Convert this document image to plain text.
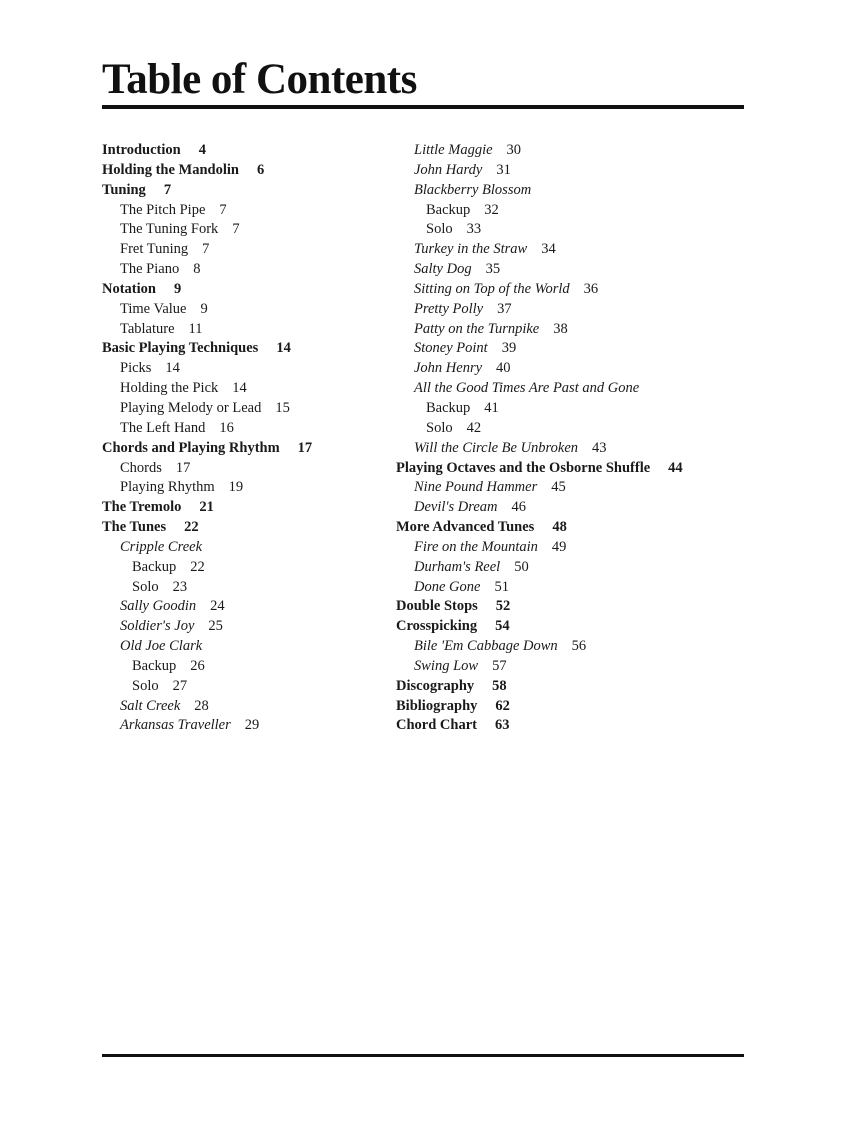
Table of Contents
Introduction 4
Holding the Mandolin 6
Tuning 7
The Pitch Pipe 7
The Tuning Fork 7
Fret Tuning 7
The Piano 8
Notation 9
Time Value 9
Tablature 11
Basic Playing Techniques 14
Picks 14
Holding the Pick 14
Playing Melody or Lead 15
The Left Hand 16
Chords and Playing Rhythm 17
Chords 17
Playing Rhythm 19
The Tremolo 21
The Tunes 22
Cripple Creek
Backup 22
Solo 23
Sally Goodin 24
Soldier's Joy 25
Old Joe Clark
Backup 26
Solo 27
Salt Creek 28
Arkansas Traveller 29
Little Maggie 30
John Hardy 31
Blackberry Blossom
Backup 32
Solo 33
Turkey in the Straw 34
Salty Dog 35
Sitting on Top of the World 36
Pretty Polly 37
Patty on the Turnpike 38
Stoney Point 39
John Henry 40
All the Good Times Are Past and Gone
Backup 41
Solo 42
Will the Circle Be Unbroken 43
Playing Octaves and the Osborne Shuffle 44
Nine Pound Hammer 45
Devil's Dream 46
More Advanced Tunes 48
Fire on the Mountain 49
Durham's Reel 50
Done Gone 51
Double Stops 52
Crosspicking 54
Bile 'Em Cabbage Down 56
Swing Low 57
Discography 58
Bibliography 62
Chord Chart 63
